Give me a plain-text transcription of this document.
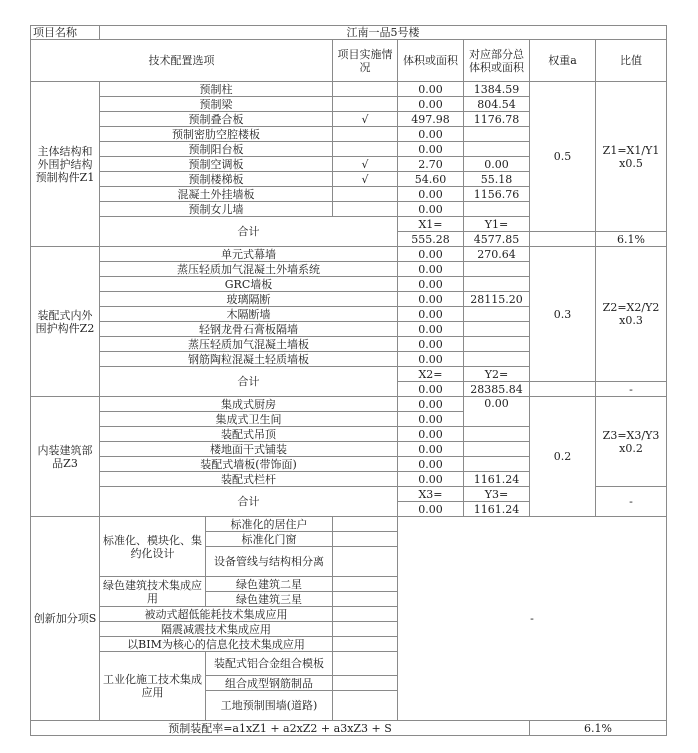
项目名称	江南一品5号楼						
技术配置选项			项目实施情况	体积或面积	对应部分总体积或面积	权重a	比值
主体结构和外围护结构预制构件Z1	预制柱			0.00	1384.59	0.5	Z1=X1/Y1 x0.5
	预制梁			0.00	804.54		
	预制叠合板		√	497.98	1176.78		
	预制密肋空腔楼板			0.00			
	预制阳台板			0.00			
	预制空调板		√	2.70	0.00		
	预制楼梯板		√	54.60	55.18		
	混凝土外挂墙板			0.00	1156.76		
	预制女儿墙			0.00			
	合计			X1=	Y1=		
				555.28	4577.85		6.1%
装配式内外围护构件Z2	单元式幕墙			0.00	270.64	0.3	Z2=X2/Y2 x0.3
	蒸压轻质加气混凝土外墙系统			0.00			
	GRC墙板			0.00			
	玻璃隔断			0.00	28115.20		
	木隔断墙			0.00			
	轻钢龙骨石膏板隔墙			0.00			
	蒸压轻质加气混凝土墙板			0.00			
	钢筋陶粒混凝土轻质墙板			0.00			
	合计			X2=	Y2=		
				0.00	28385.84		-
内装建筑部品Z3	集成式厨房			0.00	0.00	0.2	Z3=X3/Y3 x0.2
	集成式卫生间			0.00			
	装配式吊顶			0.00			
	楼地面干式铺装			0.00			
	装配式墙板(带饰面)			0.00			
	装配式栏杆			0.00	1161.24		
	合计			X3=	Y3=		-
				0.00	1161.24		
创新加分项S	标准化、模块化、集约化设计	标准化的居住户		-			
		标准化门窗					
		设备管线与结构相分离					

	绿色建筑技术集成应用	绿色建筑二星					
		绿色建筑三星					
	被动式超低能耗技术集成应用						
	隔震减震技术集成应用						
	以BIM为核心的信息化技术集成应用						
	工业化施工技术集成应用	装配式铝合金组合模板					
		组合成型钢筋制品					
		工地预制围墙(道路)					

预制装配率=a1xZ1 + a2xZ2 + a3xZ3 + S						6.1%	
